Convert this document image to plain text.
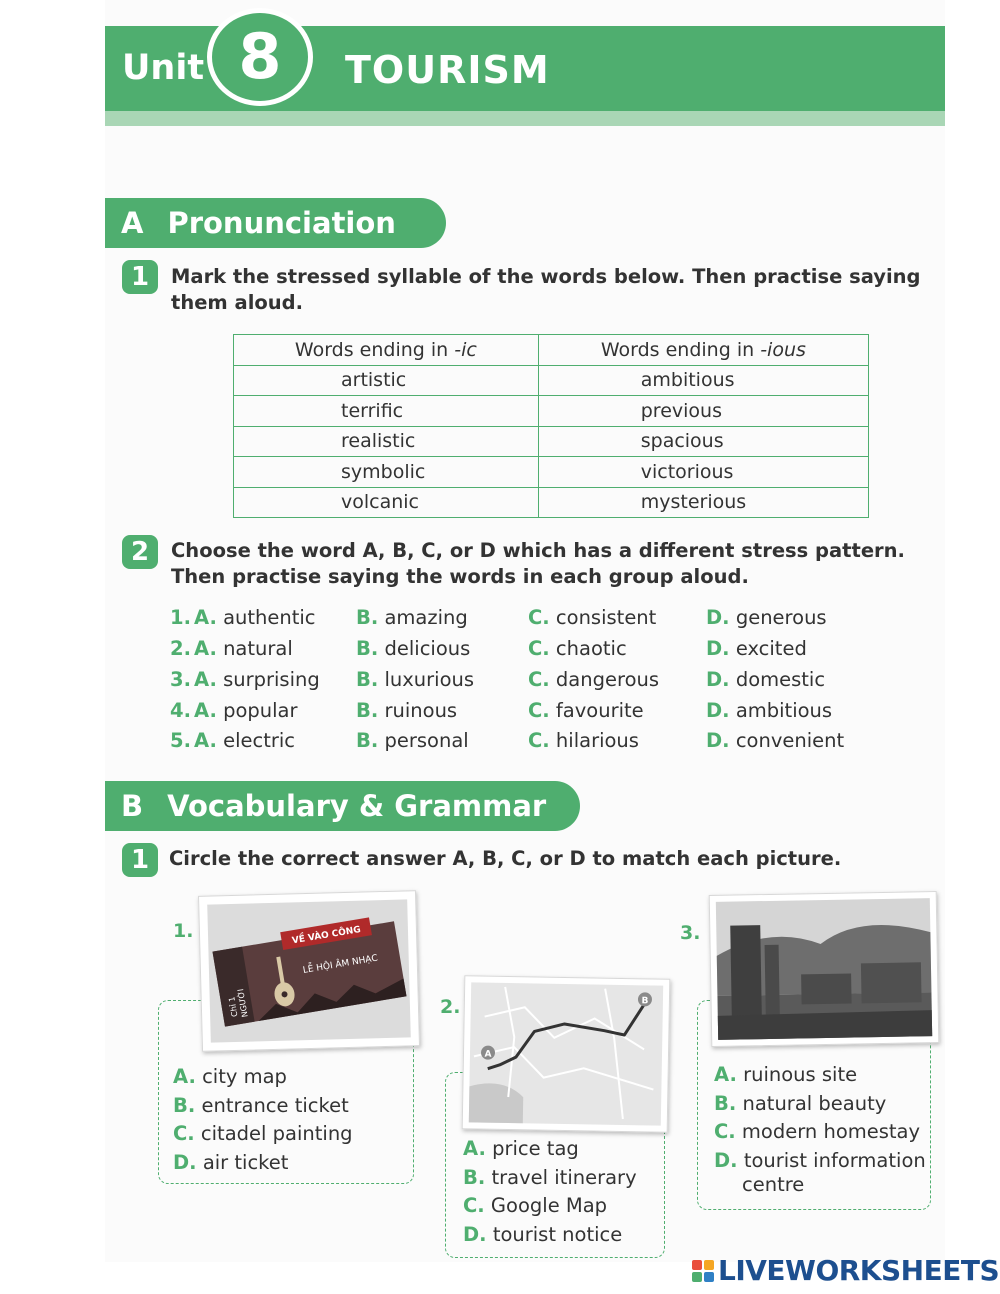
Unit 8 TOURISM
A Pronunciation
1	Mark the stressed syllable of the words below. Then practise saying
them aloud.
Words ending in -ic	Words ending in -ious
artistic	ambitious
terrific	previous
realistic	spacious
symbolic	victorious
volcanic	mysterious
2	Choose the word A, B, C, or D which has a different stress pattern.
Then practise saying the words in each group aloud.
1. A. authentic B. amazing	C. consistent	D. generous
2. A. natural	B. delicious	C. chaotic	D. excited
3. A. surprising B. luxurious	C. dangerous D. domestic
4. A. popular	B. ruinous	C. favourite	D. ambitious
5. A. electric	B. personal	C. hilarious	D. convenient
B Vocabulary & Grammar
1	Circle the correct answer A, B, C, or D to match each picture.
1.	VỀ VÀO CÔNG
LỄ HỘI ÂM NHẠC
Chỉ 1
NGƯỜI
A. city map
B. entrance ticket
C. citadel painting
D. air ticket
2.
A
B
A. price tag
B. travel itinerary
C. Google Map
D. tourist notice
3.
A. ruinous site
B. natural beauty
C. modern homestay
D. tourist information
centre
LIVEWORKSHEETS
